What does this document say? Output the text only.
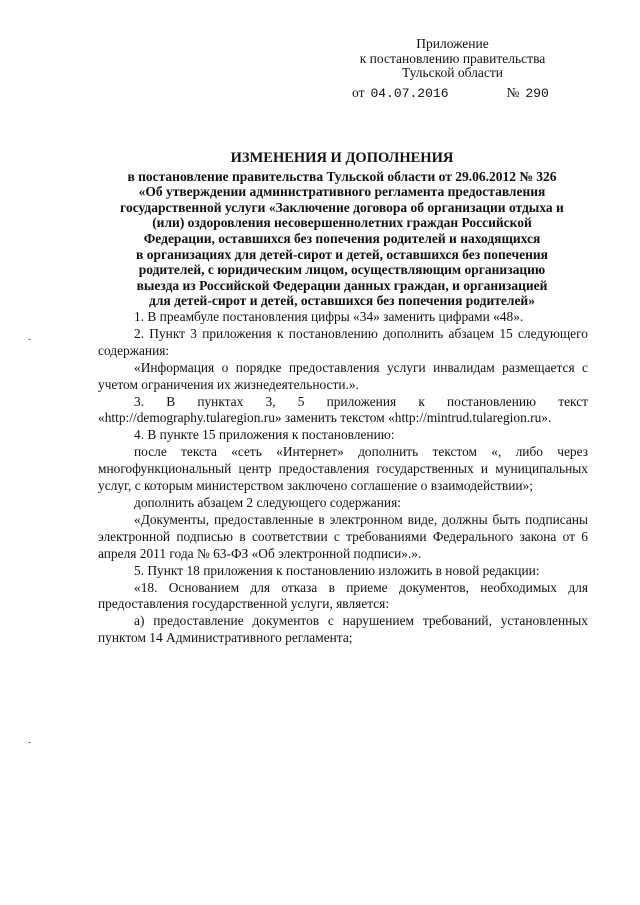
Приложение
к постановлению правительства
Тульской области
от 04.07.2016	№ 290
ИЗМЕНЕНИЯ И ДОПОЛНЕНИЯ
в постановление правительства Тульской области от 29.06.2012 № 326
«Об утверждении административного регламента предоставления
государственной услуги «Заключение договора об организации отдыха и
(или) оздоровления несовершеннолетних граждан Российской
Федерации, оставшихся без попечения родителей и находящихся
в организациях для детей-сирот и детей, оставшихся без попечения
родителей, с юридическим лицом, осуществляющим организацию
выезда из Российской Федерации данных граждан, и организацией
для детей-сирот и детей, оставшихся без попечения родителей»

1. В преамбуле постановления цифры «34» заменить цифрами «48».

2. Пункт 3 приложения к постановлению дополнить абзацем 15 следующего содержания:

«Информация о порядке предоставления услуги инвалидам размещается с учетом ограничения их жизнедеятельности.».

3. В пунктах 3, 5 приложения к постановлению текст «http://demography.tularegion.ru» заменить текстом «http://mintrud.tularegion.ru».

4. В пункте 15 приложения к постановлению:

после текста «сеть «Интернет» дополнить текстом «, либо через многофункциональный центр предоставления государственных и муниципальных услуг, с которым министерством заключено соглашение о взаимодействии»;

дополнить абзацем 2 следующего содержания:

«Документы, предоставленные в электронном виде, должны быть подписаны электронной подписью в соответствии с требованиями Федерального закона от 6 апреля 2011 года № 63-ФЗ «Об электронной подписи».».

5. Пункт 18 приложения к постановлению изложить в новой редакции:

«18. Основанием для отказа в приеме документов, необходимых для предоставления государственной услуги, является:

а) предоставление документов с нарушением требований, установленных пунктом 14 Административного регламента;
